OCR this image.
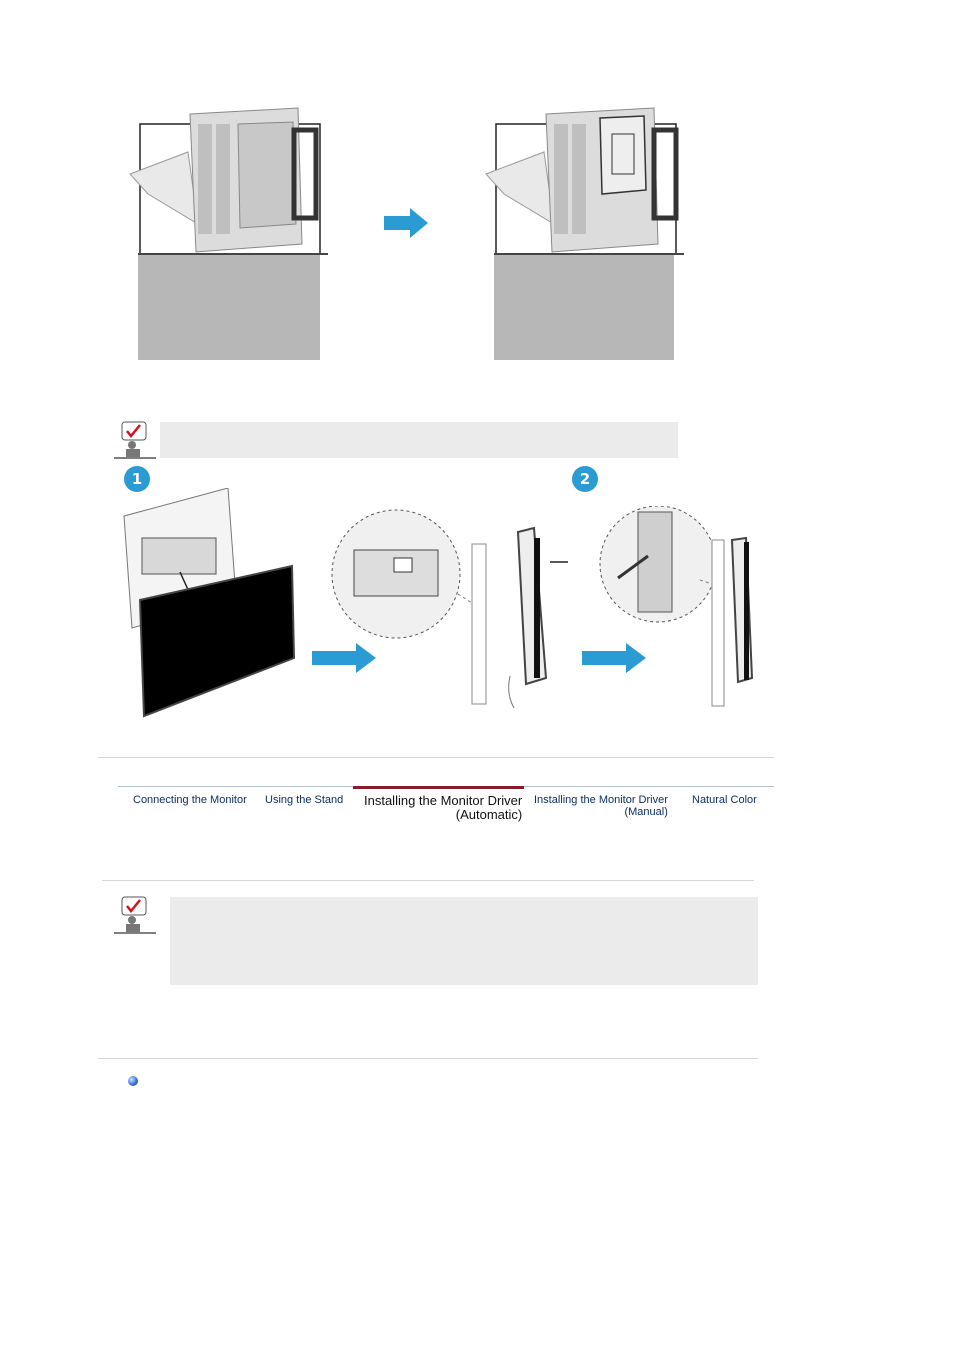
1	2
Connecting the Monitor Using the Stand Installing the Monitor Driver
(Automatic)
Installing the Monitor Driver
(Manual)
Natural Color
